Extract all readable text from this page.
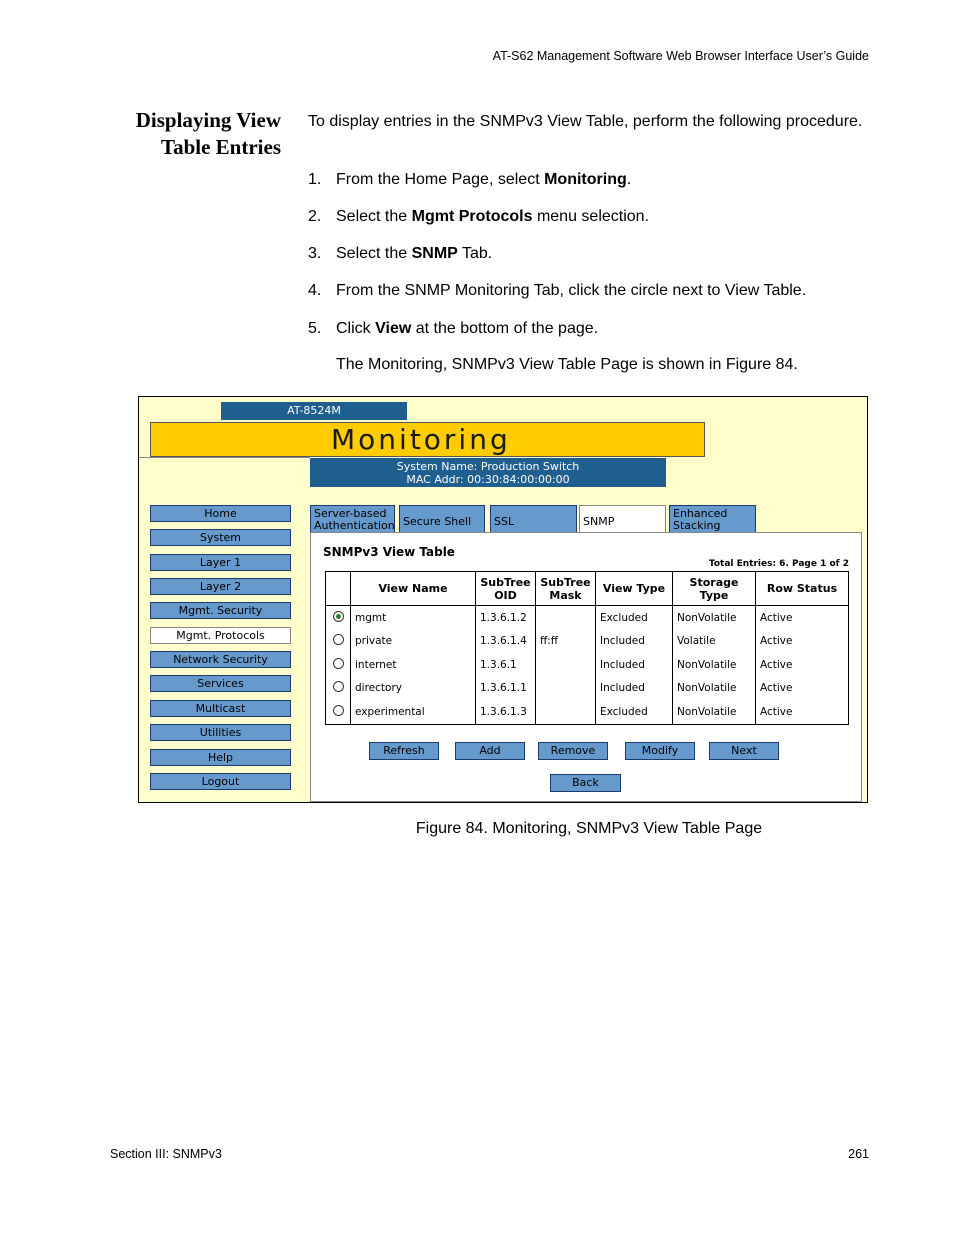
AT-S62 Management Software Web Browser Interface User’s Guide
Displaying View
Table Entries
To display entries in the SNMPv3 View Table, perform the following procedure.
1. From the Home Page, select Monitoring.
2. Select the Mgmt Protocols menu selection.
3. Select the SNMP Tab.
4. From the SNMP Monitoring Tab, click the circle next to View Table.
5. Click View at the bottom of the page.
The Monitoring, SNMPv3 View Table Page is shown in Figure 84.
AT-8524M
Monitoring
System Name: Production Switch
MAC Addr: 00:30:84:00:00:00
Home
System
Layer 1
Layer 2
Mgmt. Security
Mgmt. Protocols
Network Security
Services
Multicast
Utilities
Help
Logout
Server-based
Authentication Secure Shell	SSL	SNMP
Enhanced
Stacking
SNMPv3 View Table
Total Entries: 6. Page 1 of 2
	View Name	SubTree OID	SubTree Mask	View Type	Storage Type	Row Status
	mgmt	1.3.6.1.2		Excluded	NonVolatile	Active
	private	1.3.6.1.4	ff:ff	Included	Volatile	Active
	internet	1.3.6.1		Included	NonVolatile	Active
	directory	1.3.6.1.1		Included	NonVolatile	Active
	experimental	1.3.6.1.3		Excluded	NonVolatile	Active
Refresh	Add	Remove	Modify	Next
Back
Figure 84. Monitoring, SNMPv3 View Table Page
Section III: SNMPv3	261
